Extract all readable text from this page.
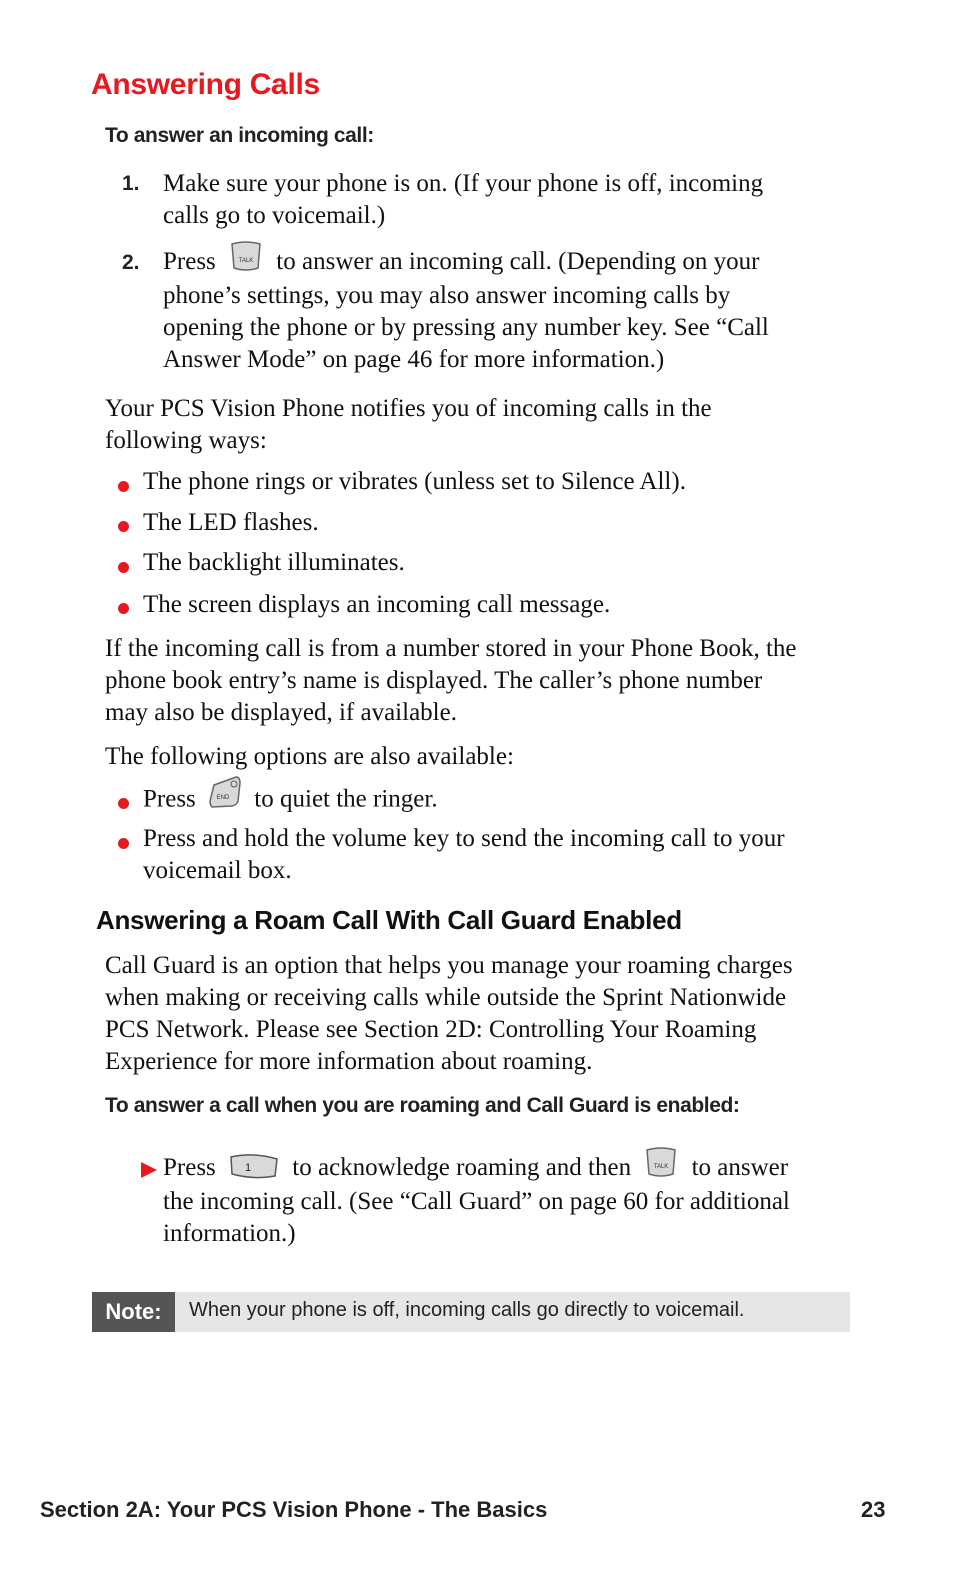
Answering Calls
To answer an incoming call:
1. Make sure your phone is on. (If your phone is off, incoming
calls go to voicemail.)
2. Press	TALK to answer an incoming call. (Depending on your
phone’s settings, you may also answer incoming calls by
opening the phone or by pressing any number key. See “Call
Answer Mode” on page 46 for more information.)
Your PCS Vision Phone notifies you of incoming calls in the
following ways:
The phone rings or vibrates (unless set to Silence All).
The LED flashes.
The backlight illuminates.
The screen displays an incoming call message.
If the incoming call is from a number stored in your Phone Book, the
phone book entry’s name is displayed. The caller’s phone number
may also be displayed, if available.
The following options are also available:
Press	END to quiet the ringer.
Press and hold the volume key to send the incoming call to your
voicemail box.
Answering a Roam Call With Call Guard Enabled
Call Guard is an option that helps you manage your roaming charges
when making or receiving calls while outside the Sprint Nationwide
PCS Network. Please see Section 2D: Controlling Your Roaming
Experience for more information about roaming.
To answer a call when you are roaming and Call Guard is enabled:
Press	1 to acknowledge roaming and then	TALK to answer
the incoming call. (See “Call Guard” on page 60 for additional
information.)
Note:	When your phone is off, incoming calls go directly to voicemail.
Section 2A: Your PCS Vision Phone - The Basics	23
